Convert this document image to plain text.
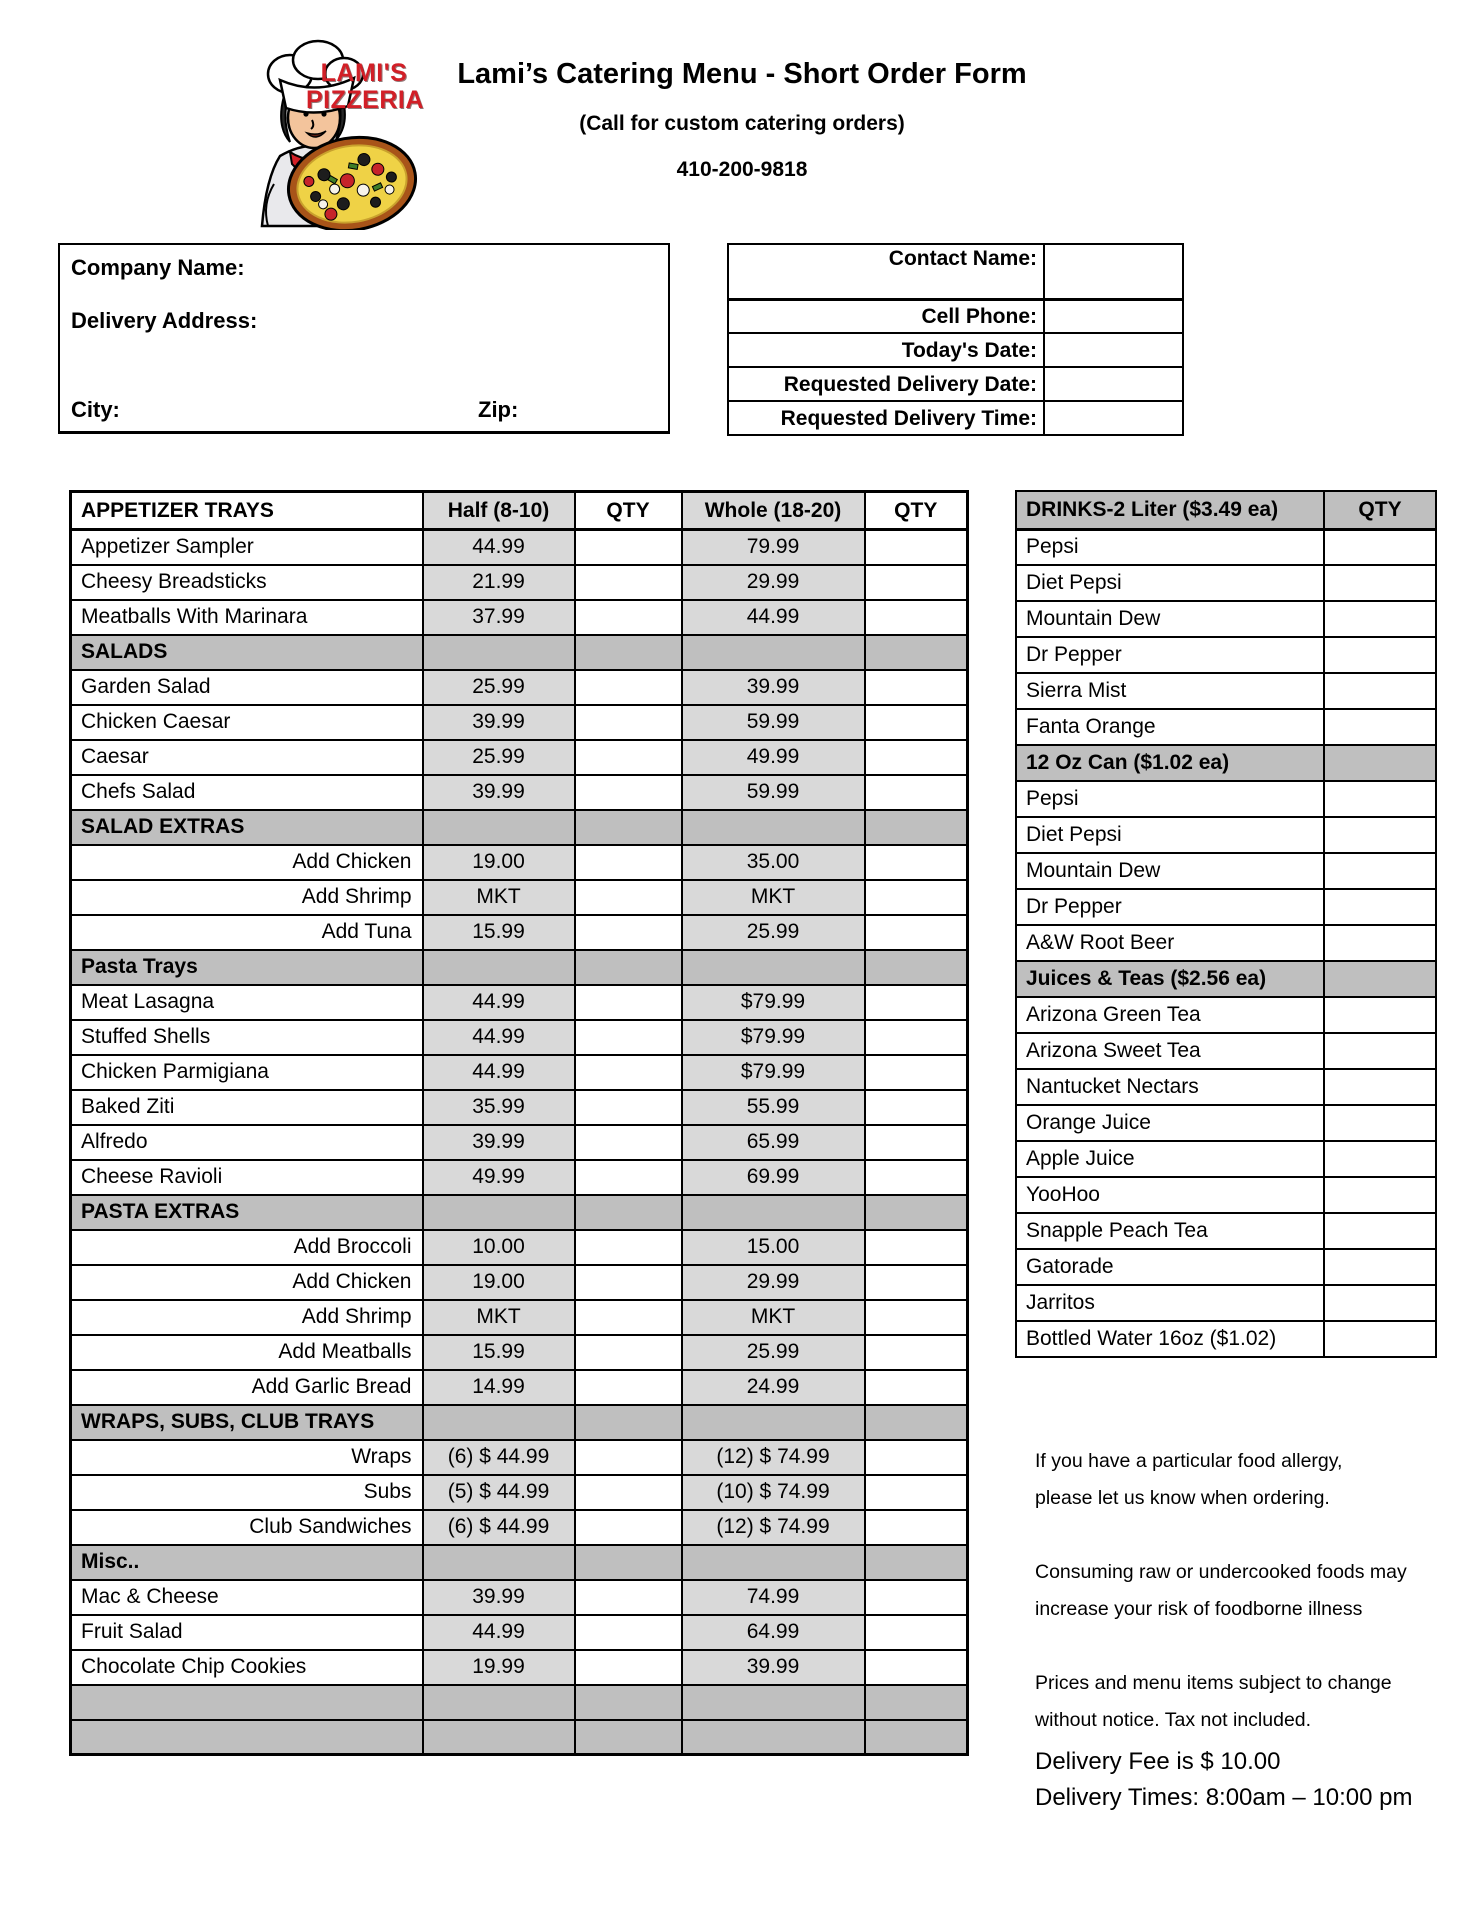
LAMI'S
PIZZERIA
Lami’s Catering Menu - Short Order Form
(Call for custom catering orders)
410-200-9818
Company Name:
Delivery Address:
City:	Zip:
Contact Name:	
Cell Phone:	
Today's Date:	
Requested Delivery Date:	
Requested Delivery Time:	
APPETIZER TRAYS	Half (8-10)	QTY	Whole (18-20)	QTY
Appetizer Sampler	44.99		79.99	
Cheesy Breadsticks	21.99		29.99	
Meatballs With Marinara	37.99		44.99	
SALADS				
Garden Salad	25.99		39.99	
Chicken Caesar	39.99		59.99	
Caesar	25.99		49.99	
Chefs Salad	39.99		59.99	
SALAD EXTRAS				
Add Chicken	19.00		35.00	
Add Shrimp	MKT		MKT	
Add Tuna	15.99		25.99	
Pasta Trays				
Meat Lasagna	44.99		$79.99	
Stuffed Shells	44.99		$79.99	
Chicken Parmigiana	44.99		$79.99	
Baked Ziti	35.99		55.99	
Alfredo	39.99		65.99	
Cheese Ravioli	49.99		69.99	
PASTA EXTRAS				
Add Broccoli	10.00		15.00	
Add Chicken	19.00		29.99	
Add Shrimp	MKT		MKT	
Add Meatballs	15.99		25.99	
Add Garlic Bread	14.99		24.99	
WRAPS, SUBS, CLUB TRAYS				
Wraps	(6) $ 44.99		(12) $ 74.99	
Subs	(5) $ 44.99		(10) $ 74.99	
Club Sandwiches	(6) $ 44.99		(12) $ 74.99	
Misc..				
Mac & Cheese	39.99		74.99	
Fruit Salad	44.99		64.99	
Chocolate Chip Cookies	19.99		39.99	

DRINKS-2 Liter ($3.49 ea)	QTY
Pepsi	
Diet Pepsi	
Mountain Dew	
Dr Pepper	
Sierra Mist	
Fanta Orange	
12 Oz Can ($1.02 ea)	
Pepsi	
Diet Pepsi	
Mountain Dew	
Dr Pepper	
A&W Root Beer	
Juices & Teas ($2.56 ea)	
Arizona Green Tea	
Arizona Sweet Tea	
Nantucket Nectars	
Orange Juice	
Apple Juice	
YooHoo	
Snapple Peach Tea	
Gatorade	
Jarritos	
Bottled Water 16oz ($1.02)	
If you have a particular food allergy,
please let us know when ordering.
Consuming raw or undercooked foods may
increase your risk of foodborne illness
Prices and menu items subject to change
without notice. Tax not included.
Delivery Fee is $ 10.00
Delivery Times: 8:00am – 10:00 pm
